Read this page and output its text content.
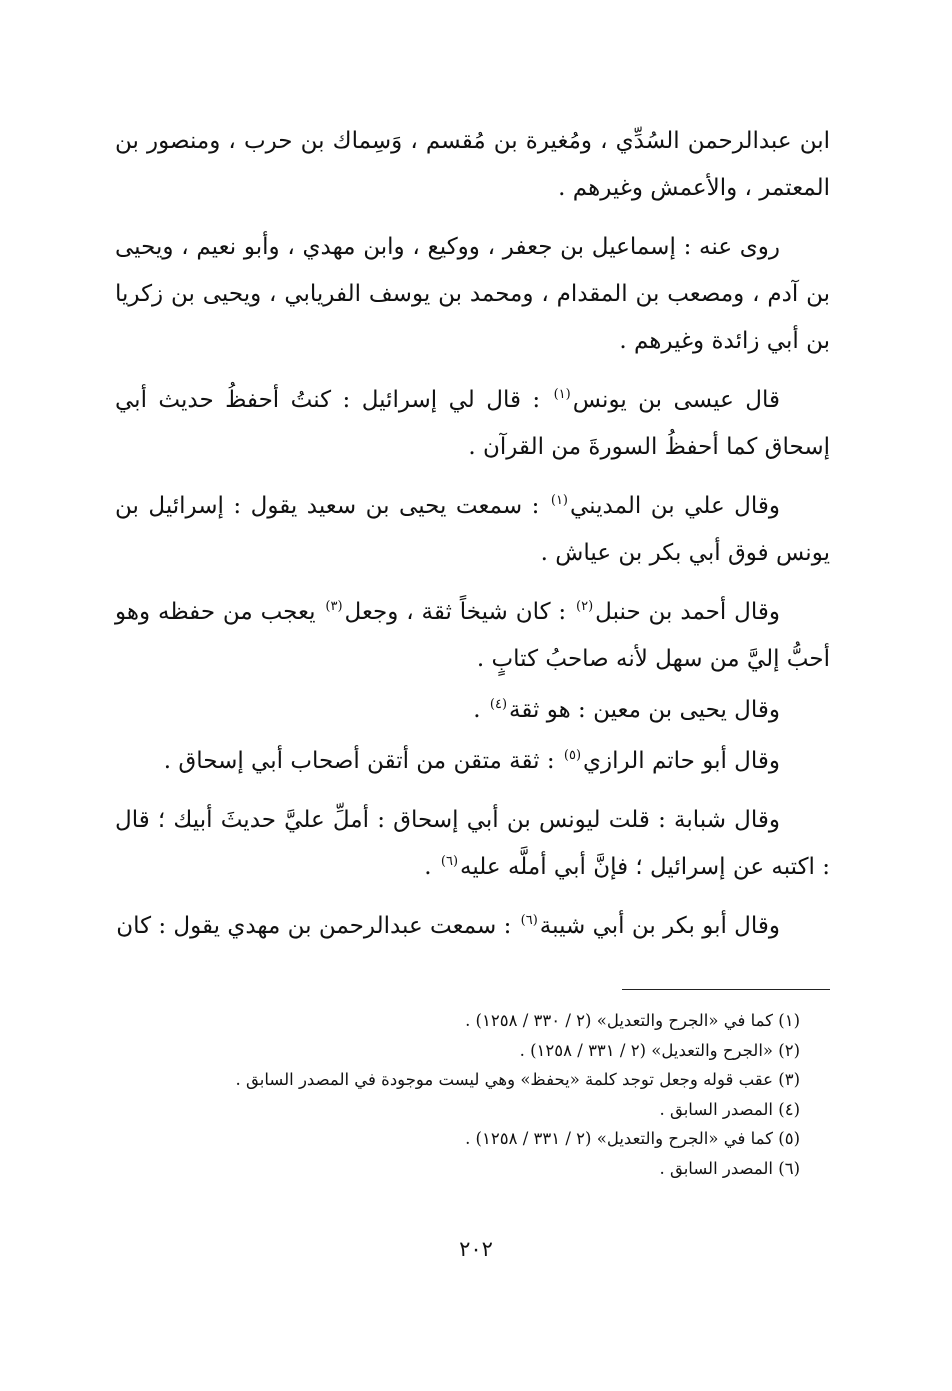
ابن عبدالرحمن السُدِّي ، ومُغيرة بن مُقسم ، وَسِماك بن حرب ، ومنصور بن المعتمر ، والأعمش وغيرهم .

روى عنه : إسماعيل بن جعفر ، ووكيع ، وابن مهدي ، وأبو نعيم ، ويحيى بن آدم ، ومصعب بن المقدام ، ومحمد بن يوسف الفريابي ، ويحيى بن زكريا بن أبي زائدة وغيرهم .

قال عيسى بن يونس$^{(١)}$ : قال لي إسرائيل : كنتُ أحفظُ حديث أبي إسحاق كما أحفظُ السورةَ من القرآن .

وقال علي بن المديني$^{(١)}$ : سمعت يحيى بن سعيد يقول : إسرائيل بن يونس فوق أبي بكر بن عياش .

وقال أحمد بن حنبل$^{(٢)}$ : كان شيخاً ثقة ، وجعل$^{(٣)}$ يعجب من حفظه وهو أحبُّ إليَّ من سهل لأنه صاحبُ كتابٍ .

وقال يحيى بن معين : هو ثقة$^{(٤)}$ .

وقال أبو حاتم الرازي$^{(٥)}$ : ثقة متقن من أتقن أصحاب أبي إسحاق .

وقال شبابة : قلت ليونس بن أبي إسحاق : أملِّ عليَّ حديثَ أبيك ؛ قال : اكتبه عن إسرائيل ؛ فإنَّ أبي أملَّه عليه$^{(٦)}$ .

وقال أبو بكر بن أبي شيبة$^{(٦)}$ : سمعت عبدالرحمن بن مهدي يقول : كان

(١) كما في «الجرح والتعديل» (٢ / ٣٣٠ / ١٢٥٨) .

(٢) «الجرح والتعديل» (٢ / ٣٣١ / ١٢٥٨) .

(٣) عقب قوله وجعل توجد كلمة «يحفظ» وهي ليست موجودة في المصدر السابق .

(٤) المصدر السابق .

(٥) كما في «الجرح والتعديل» (٢ / ٣٣١ / ١٢٥٨) .

(٦) المصدر السابق .

٢٠٢
